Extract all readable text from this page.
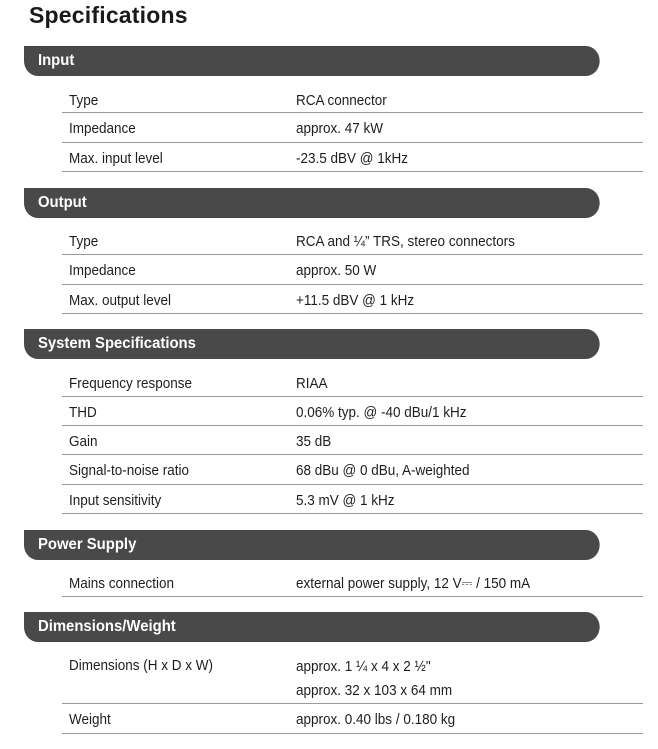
Specifications
Input
Type	RCA connector
Impedance	approx. 47 kW
Max. input level	-23.5 dBV @ 1kHz
Output
Type	RCA and ¼” TRS, stereo connectors
Impedance	approx. 50 W
Max. output level	+11.5 dBV @ 1 kHz
System Specifications
Frequency response	RIAA
THD	0.06% typ. @ -40 dBu/1 kHz
Gain	35 dB
Signal-to-noise ratio	68 dBu @ 0 dBu, A-weighted
Input sensitivity	5.3 mV @ 1 kHz
Power Supply
Mains connection	external power supply, 12 V⎓ / 150 mA
Dimensions/Weight
Dimensions (H x D x W)	approx. 1 ¼ x 4 x 2 ½"
approx. 32 x 103 x 64 mm
Weight	approx. 0.40 lbs / 0.180 kg
